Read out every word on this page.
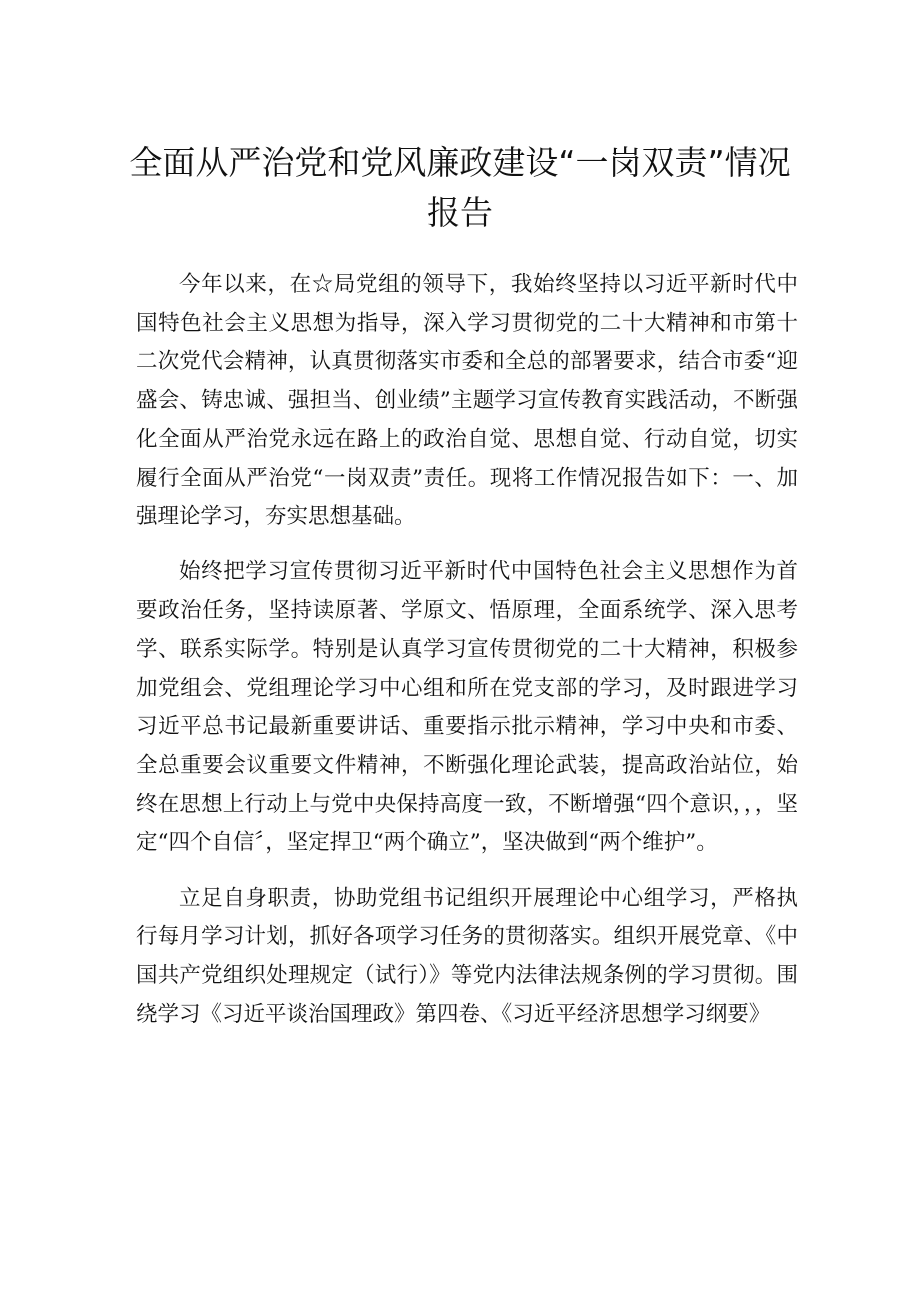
全面从严治党和党风廉政建设“一岗双责”情况报告

今年以来，在☆局党组的领导下，我始终坚持以习近平新时代中国特色社会主义思想为指导，深入学习贯彻党的二十大精神和市第十二次党代会精神，认真贯彻落实市委和全总的部署要求，结合市委“迎盛会、铸忠诚、强担当、创业绩”主题学习宣传教育实践活动，不断强化全面从严治党永远在路上的政治自觉、思想自觉、行动自觉，切实履行全面从严治党“一岗双责”责任。现将工作情况报告如下：一、加强理论学习，夯实思想基础。

始终把学习宣传贯彻习近平新时代中国特色社会主义思想作为首要政治任务，坚持读原著、学原文、悟原理，全面系统学、深入思考学、联系实际学。特别是认真学习宣传贯彻党的二十大精神，积极参加党组会、党组理论学习中心组和所在党支部的学习，及时跟进学习习近平总书记最新重要讲话、重要指示批示精神，学习中央和市委、全总重要会议重要文件精神，不断强化理论武装，提高政治站位，始终在思想上行动上与党中央保持高度一致，不断增强“四个意识，，，坚定“四个自信〞，坚定捍卫“两个确立”，坚决做到“两个维护”。

立足自身职责，协助党组书记组织开展理论中心组学习，严格执行每月学习计划，抓好各项学习任务的贯彻落实。组织开展党章、《中国共产党组织处理规定（试行）》等党内法律法规条例的学习贯彻。围绕学习《习近平谈治国理政》第四卷、《习近平经济思想学习纲要》
